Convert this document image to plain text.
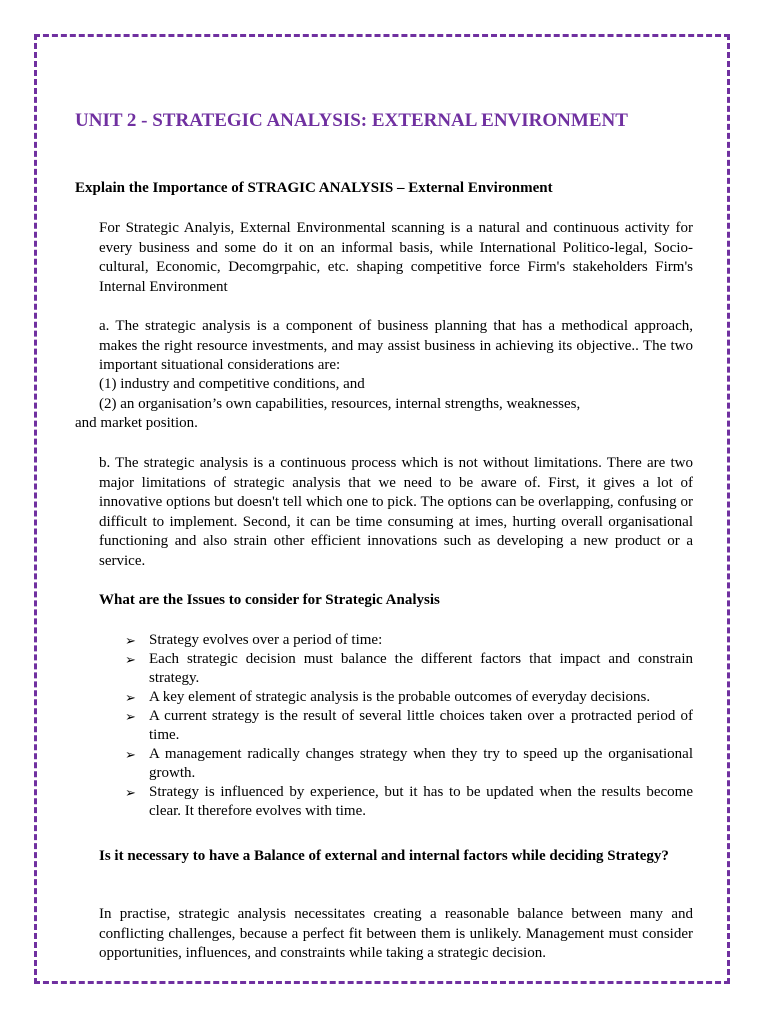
UNIT 2 - STRATEGIC ANALYSIS: EXTERNAL ENVIRONMENT

Explain the Importance of STRAGIC ANALYSIS – External Environment

For Strategic Analyis, External Environmental scanning is a natural and continuous activity for every business and some do it on an informal basis, while International Politico-legal, Socio-cultural, Economic, Decomgrpahic, etc. shaping competitive force Firm's stakeholders Firm's Internal Environment

a. The strategic analysis is a component of business planning that has a methodical approach, makes the right resource investments, and may assist business in achieving its objective.. The two important situational considerations are:

(1) industry and competitive conditions, and

(2) an organisation’s own capabilities, resources, internal strengths, weaknesses,

and market position.

b. The strategic analysis is a continuous process which is not without limitations. There are two major limitations of strategic analysis that we need to be aware of. First, it gives a lot of innovative options but doesn't tell which one to pick. The options can be overlapping, confusing or difficult to implement. Second, it can be time consuming at imes, hurting overall organisational functioning and also strain other efficient innovations such as developing a new product or a service.

What are the Issues to consider for Strategic Analysis

➢ Strategy evolves over a period of time:
➢ Each strategic decision must balance the different factors that impact and constrain strategy.
➢ A key element of strategic analysis is the probable outcomes of everyday decisions.
➢ A current strategy is the result of several little choices taken over a protracted period of time.
➢ A management radically changes strategy when they try to speed up the organisational growth.
➢ Strategy is influenced by experience, but it has to be updated when the results become clear. It therefore evolves with time.

Is it necessary to have a Balance of external and internal factors while deciding Strategy?

In practise, strategic analysis necessitates creating a reasonable balance between many and conflicting challenges, because a perfect fit between them is unlikely. Management must consider opportunities, influences, and constraints while taking a strategic decision.
